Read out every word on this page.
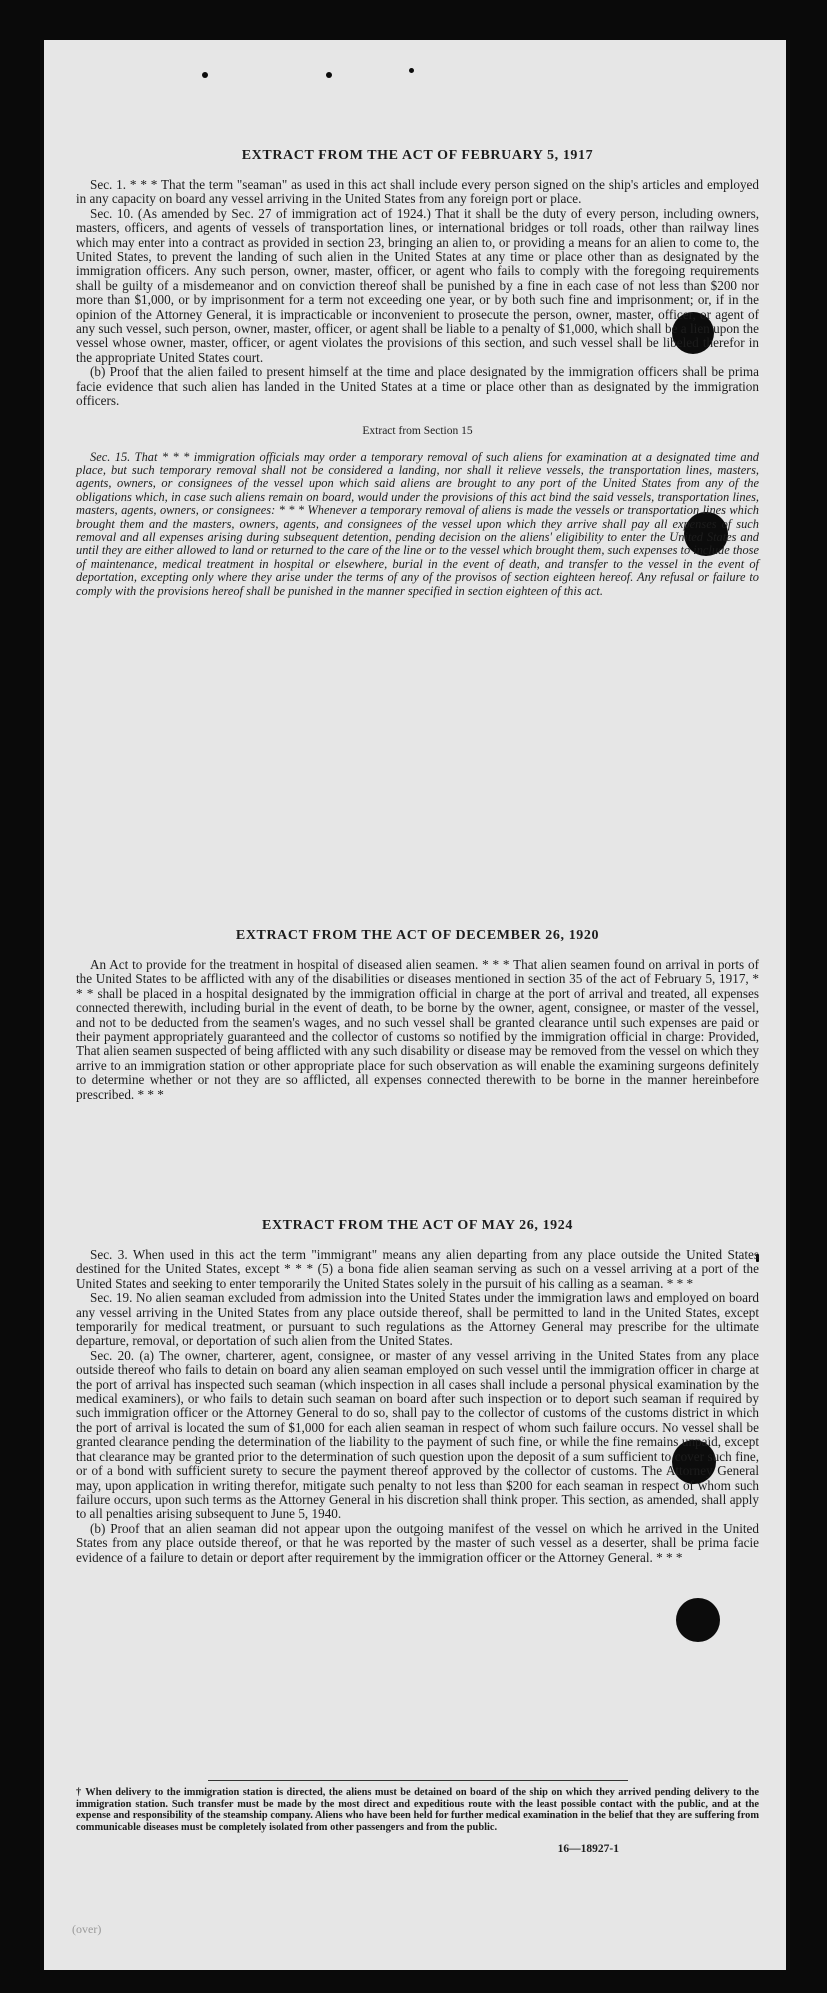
EXTRACT FROM THE ACT OF FEBRUARY 5, 1917

Sec. 1. * * * That the term "seaman" as used in this act shall include every person signed on the ship's articles and employed in any capacity on board any vessel arriving in the United States from any foreign port or place.

Sec. 10. (As amended by Sec. 27 of immigration act of 1924.) That it shall be the duty of every person, including owners, masters, officers, and agents of vessels of transportation lines, or international bridges or toll roads, other than railway lines which may enter into a contract as provided in section 23, bringing an alien to, or providing a means for an alien to come to, the United States, to prevent the landing of such alien in the United States at any time or place other than as designated by the immigration officers. Any such person, owner, master, officer, or agent who fails to comply with the foregoing requirements shall be guilty of a misdemeanor and on conviction thereof shall be punished by a fine in each case of not less than $200 nor more than $1,000, or by imprisonment for a term not exceeding one year, or by both such fine and imprisonment; or, if in the opinion of the Attorney General, it is impracticable or inconvenient to prosecute the person, owner, master, officer, or agent of any such vessel, such person, owner, master, officer, or agent shall be liable to a penalty of $1,000, which shall be a lien upon the vessel whose owner, master, officer, or agent violates the provisions of this section, and such vessel shall be libeled therefor in the appropriate United States court.

(b) Proof that the alien failed to present himself at the time and place designated by the immigration officers shall be prima facie evidence that such alien has landed in the United States at a time or place other than as designated by the immigration officers.

Extract from Section 15

Sec. 15. That * * * immigration officials may order a temporary removal of such aliens for examination at a designated time and place, but such temporary removal shall not be considered a landing, nor shall it relieve vessels, the transportation lines, masters, agents, owners, or consignees of the vessel upon which said aliens are brought to any port of the United States from any of the obligations which, in case such aliens remain on board, would under the provisions of this act bind the said vessels, transportation lines, masters, agents, owners, or consignees: * * * Whenever a temporary removal of aliens is made the vessels or transportation lines which brought them and the masters, owners, agents, and consignees of the vessel upon which they arrive shall pay all expenses of such removal and all expenses arising during subsequent detention, pending decision on the aliens' eligibility to enter the United States and until they are either allowed to land or returned to the care of the line or to the vessel which brought them, such expenses to include those of maintenance, medical treatment in hospital or elsewhere, burial in the event of death, and transfer to the vessel in the event of deportation, excepting only where they arise under the terms of any of the provisos of section eighteen hereof. Any refusal or failure to comply with the provisions hereof shall be punished in the manner specified in section eighteen of this act.

EXTRACT FROM THE ACT OF DECEMBER 26, 1920

An Act to provide for the treatment in hospital of diseased alien seamen. * * * That alien seamen found on arrival in ports of the United States to be afflicted with any of the disabilities or diseases mentioned in section 35 of the act of February 5, 1917, * * * shall be placed in a hospital designated by the immigration official in charge at the port of arrival and treated, all expenses connected therewith, including burial in the event of death, to be borne by the owner, agent, consignee, or master of the vessel, and not to be deducted from the seamen's wages, and no such vessel shall be granted clearance until such expenses are paid or their payment appropriately guaranteed and the collector of customs so notified by the immigration official in charge: Provided, That alien seamen suspected of being afflicted with any such disability or disease may be removed from the vessel on which they arrive to an immigration station or other appropriate place for such observation as will enable the examining surgeons definitely to determine whether or not they are so afflicted, all expenses connected therewith to be borne in the manner hereinbefore prescribed. * * *

EXTRACT FROM THE ACT OF MAY 26, 1924

Sec. 3. When used in this act the term "immigrant" means any alien departing from any place outside the United States destined for the United States, except * * * (5) a bona fide alien seaman serving as such on a vessel arriving at a port of the United States and seeking to enter temporarily the United States solely in the pursuit of his calling as a seaman. * * *

Sec. 19. No alien seaman excluded from admission into the United States under the immigration laws and employed on board any vessel arriving in the United States from any place outside thereof, shall be permitted to land in the United States, except temporarily for medical treatment, or pursuant to such regulations as the Attorney General may prescribe for the ultimate departure, removal, or deportation of such alien from the United States.

Sec. 20. (a) The owner, charterer, agent, consignee, or master of any vessel arriving in the United States from any place outside thereof who fails to detain on board any alien seaman employed on such vessel until the immigration officer in charge at the port of arrival has inspected such seaman (which inspection in all cases shall include a personal physical examination by the medical examiners), or who fails to detain such seaman on board after such inspection or to deport such seaman if required by such immigration officer or the Attorney General to do so, shall pay to the collector of customs of the customs district in which the port of arrival is located the sum of $1,000 for each alien seaman in respect of whom such failure occurs. No vessel shall be granted clearance pending the determination of the liability to the payment of such fine, or while the fine remains unpaid, except that clearance may be granted prior to the determination of such question upon the deposit of a sum sufficient to cover such fine, or of a bond with sufficient surety to secure the payment thereof approved by the collector of customs. The Attorney General may, upon application in writing therefor, mitigate such penalty to not less than $200 for each seaman in respect of whom such failure occurs, upon such terms as the Attorney General in his discretion shall think proper. This section, as amended, shall apply to all penalties arising subsequent to June 5, 1940.

(b) Proof that an alien seaman did not appear upon the outgoing manifest of the vessel on which he arrived in the United States from any place outside thereof, or that he was reported by the master of such vessel as a deserter, shall be prima facie evidence of a failure to detain or deport after requirement by the immigration officer or the Attorney General. * * *

† When delivery to the immigration station is directed, the aliens must be detained on board of the ship on which they arrived pending delivery to the immigration station. Such transfer must be made by the most direct and expeditious route with the least possible contact with the public, and at the expense and responsibility of the steamship company. Aliens who have been held for further medical examination in the belief that they are suffering from communicable diseases must be completely isolated from other passengers and from the public.

16—18927-1
(over)
